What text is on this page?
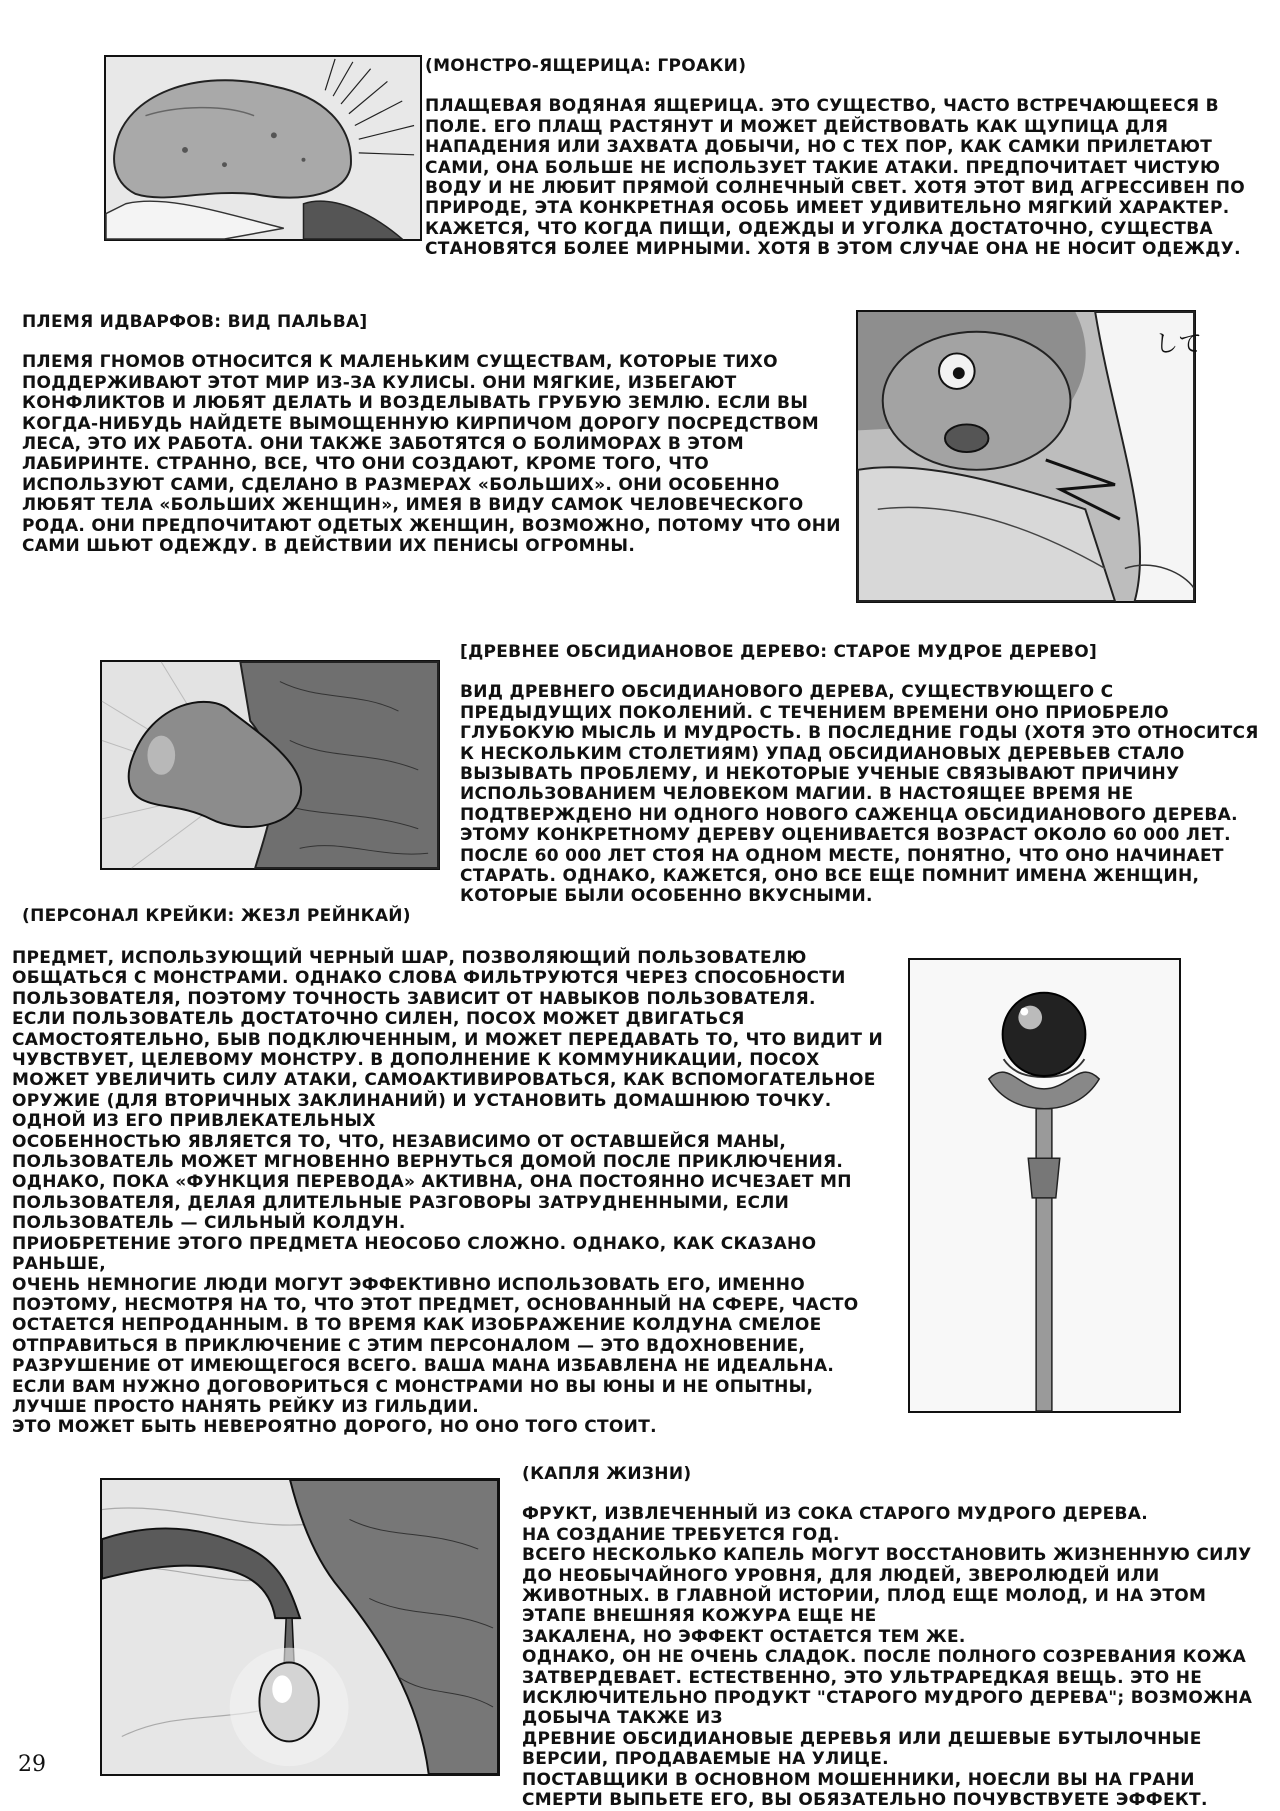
(МОНСТРО-ЯЩЕРИЦА: ГРОАКИ)

ПЛАЩЕВАЯ ВОДЯНАЯ ЯЩЕРИЦА. ЭТО СУЩЕСТВО, ЧАСТО ВСТРЕЧАЮЩЕЕСЯ В ПОЛЕ. ЕГО ПЛАЩ РАСТЯНУТ И МОЖЕТ ДЕЙСТВОВАТЬ КАК ЩУПИЦА ДЛЯ НАПАДЕНИЯ ИЛИ ЗАХВАТА ДОБЫЧИ, НО С ТЕХ ПОР, КАК САМКИ ПРИЛЕТАЮТ САМИ, ОНА БОЛЬШЕ НЕ ИСПОЛЬЗУЕТ ТАКИЕ АТАКИ. ПРЕДПОЧИТАЕТ ЧИСТУЮ ВОДУ И НЕ ЛЮБИТ ПРЯМОЙ СОЛНЕЧНЫЙ СВЕТ. ХОТЯ ЭТОТ ВИД АГРЕССИВЕН ПО ПРИРОДЕ, ЭТА КОНКРЕТНАЯ ОСОБЬ ИМЕЕТ УДИВИТЕЛЬНО МЯГКИЙ ХАРАКТЕР. КАЖЕТСЯ, ЧТО КОГДА ПИЩИ, ОДЕЖДЫ И УГОЛКА ДОСТАТОЧНО, СУЩЕСТВА СТАНОВЯТСЯ БОЛЕЕ МИРНЫМИ. ХОТЯ В ЭТОМ СЛУЧАЕ ОНА НЕ НОСИТ ОДЕЖДУ.

ПЛЕМЯ ИДВАРФОВ: ВИД ПАЛЬВА]

ПЛЕМЯ ГНОМОВ ОТНОСИТСЯ К МАЛЕНЬКИМ СУЩЕСТВАМ, КОТОРЫЕ ТИХО ПОДДЕРЖИВАЮТ ЭТОТ МИР ИЗ-ЗА КУЛИСЫ. ОНИ МЯГКИЕ, ИЗБЕГАЮТ КОНФЛИКТОВ И ЛЮБЯТ ДЕЛАТЬ И ВОЗДЕЛЫВАТЬ ГРУБУЮ ЗЕМЛЮ. ЕСЛИ ВЫ КОГДА-НИБУДЬ НАЙДЕТЕ ВЫМОЩЕННУЮ КИРПИЧОМ ДОРОГУ ПОСРЕДСТВОМ ЛЕСА, ЭТО ИХ РАБОТА. ОНИ ТАКЖЕ ЗАБОТЯТСЯ О БОЛИМОРАХ В ЭТОМ ЛАБИРИНТЕ. СТРАННО, ВСЕ, ЧТО ОНИ СОЗДАЮТ, КРОМЕ ТОГО, ЧТО ИСПОЛЬЗУЮТ САМИ, СДЕЛАНО В РАЗМЕРАХ «БОЛЬШИХ». ОНИ ОСОБЕННО ЛЮБЯТ ТЕЛА «БОЛЬШИХ ЖЕНЩИН», ИМЕЯ В ВИДУ САМОК ЧЕЛОВЕЧЕСКОГО РОДА. ОНИ ПРЕДПОЧИТАЮТ ОДЕТЫХ ЖЕНЩИН, ВОЗМОЖНО, ПОТОМУ ЧТО ОНИ САМИ ШЬЮТ ОДЕЖДУ. В ДЕЙСТВИИ ИХ ПЕНИСЫ ОГРОМНЫ.

して
[ДРЕВНЕЕ ОБСИДИАНОВОЕ ДЕРЕВО: СТАРОЕ МУДРОЕ ДЕРЕВО]

ВИД ДРЕВНЕГО ОБСИДИАНОВОГО ДЕРЕВА, СУЩЕСТВУЮЩЕГО С ПРЕДЫДУЩИХ ПОКОЛЕНИЙ. С ТЕЧЕНИЕМ ВРЕМЕНИ ОНО ПРИОБРЕЛО ГЛУБОКУЮ МЫСЛЬ И МУДРОСТЬ. В ПОСЛЕДНИЕ ГОДЫ (ХОТЯ ЭТО ОТНОСИТСЯ К НЕСКОЛЬКИМ СТОЛЕТИЯМ) УПАД ОБСИДИАНОВЫХ ДЕРЕВЬЕВ СТАЛО ВЫЗЫВАТЬ ПРОБЛЕМУ, И НЕКОТОРЫЕ УЧЕНЫЕ СВЯЗЫВАЮТ ПРИЧИНУ ИСПОЛЬЗОВАНИЕМ ЧЕЛОВЕКОМ МАГИИ. В НАСТОЯЩЕЕ ВРЕМЯ НЕ ПОДТВЕРЖДЕНО НИ ОДНОГО НОВОГО САЖЕНЦА ОБСИДИАНОВОГО ДЕРЕВА. ЭТОМУ КОНКРЕТНОМУ ДЕРЕВУ ОЦЕНИВАЕТСЯ ВОЗРАСТ ОКОЛО 60 000 ЛЕТ. ПОСЛЕ 60 000 ЛЕТ СТОЯ НА ОДНОМ МЕСТЕ, ПОНЯТНО, ЧТО ОНО НАЧИНАЕТ СТАРАТЬ. ОДНАКО, КАЖЕТСЯ, ОНО ВСЕ ЕЩЕ ПОМНИТ ИМЕНА ЖЕНЩИН, КОТОРЫЕ БЫЛИ ОСОБЕННО ВКУСНЫМИ.

(ПЕРСОНАЛ КРЕЙКИ: ЖЕЗЛ РЕЙНКАЙ)

ПРЕДМЕТ, ИСПОЛЬЗУЮЩИЙ ЧЕРНЫЙ ШАР, ПОЗВОЛЯЮЩИЙ ПОЛЬЗОВАТЕЛЮ ОБЩАТЬСЯ С МОНСТРАМИ. ОДНАКО СЛОВА ФИЛЬТРУЮТСЯ ЧЕРЕЗ СПОСОБНОСТИ ПОЛЬЗОВАТЕЛЯ, ПОЭТОМУ ТОЧНОСТЬ ЗАВИСИТ ОТ НАВЫКОВ ПОЛЬЗОВАТЕЛЯ.
ЕСЛИ ПОЛЬЗОВАТЕЛЬ ДОСТАТОЧНО СИЛЕН, ПОСОХ МОЖЕТ ДВИГАТЬСЯ САМОСТОЯТЕЛЬНО, БЫВ ПОДКЛЮЧЕННЫМ, И МОЖЕТ ПЕРЕДАВАТЬ ТО, ЧТО ВИДИТ И ЧУВСТВУЕТ, ЦЕЛЕВОМУ МОНСТРУ. В ДОПОЛНЕНИЕ К КОММУНИКАЦИИ, ПОСОХ МОЖЕТ УВЕЛИЧИТЬ СИЛУ АТАКИ, САМОАКТИВИРОВАТЬСЯ, КАК ВСПОМОГАТЕЛЬНОЕ ОРУЖИЕ (ДЛЯ ВТОРИЧНЫХ ЗАКЛИНАНИЙ) И УСТАНОВИТЬ ДОМАШНЮЮ ТОЧКУ.
ОДНОЙ ИЗ ЕГО ПРИВЛЕКАТЕЛЬНЫХ
ОСОБЕННОСТЬЮ ЯВЛЯЕТСЯ ТО, ЧТО, НЕЗАВИСИМО ОТ ОСТАВШЕЙСЯ МАНЫ, ПОЛЬЗОВАТЕЛЬ МОЖЕТ МГНОВЕННО ВЕРНУТЬСЯ ДОМОЙ ПОСЛЕ ПРИКЛЮЧЕНИЯ.
ОДНАКО, ПОКА «ФУНКЦИЯ ПЕРЕВОДА» АКТИВНА, ОНА ПОСТОЯННО ИСЧЕЗАЕТ МП ПОЛЬЗОВАТЕЛЯ, ДЕЛАЯ ДЛИТЕЛЬНЫЕ РАЗГОВОРЫ ЗАТРУДНЕННЫМИ, ЕСЛИ ПОЛЬЗОВАТЕЛЬ — СИЛЬНЫЙ КОЛДУН.
ПРИОБРЕТЕНИЕ ЭТОГО ПРЕДМЕТА НЕОСОБО СЛОЖНО. ОДНАКО, КАК СКАЗАНО РАНЬШЕ,
ОЧЕНЬ НЕМНОГИЕ ЛЮДИ МОГУТ ЭФФЕКТИВНО ИСПОЛЬЗОВАТЬ ЕГО, ИМЕННО ПОЭТОМУ, НЕСМОТРЯ НА ТО, ЧТО ЭТОТ ПРЕДМЕТ, ОСНОВАННЫЙ НА СФЕРЕ, ЧАСТО ОСТАЕТСЯ НЕПРОДАННЫМ. В ТО ВРЕМЯ КАК ИЗОБРАЖЕНИЕ КОЛДУНА СМЕЛОЕ ОТПРАВИТЬСЯ В ПРИКЛЮЧЕНИЕ С ЭТИМ ПЕРСОНАЛОМ — ЭТО ВДОХНОВЕНИЕ, РАЗРУШЕНИЕ ОТ ИМЕЮЩЕГОСЯ ВСЕГО. ВАША МАНА ИЗБАВЛЕНА НЕ ИДЕАЛЬНА. ЕСЛИ ВАМ НУЖНО ДОГОВОРИТЬСЯ С МОНСТРАМИ НО ВЫ ЮНЫ И НЕ ОПЫТНЫ, ЛУЧШЕ ПРОСТО НАНЯТЬ РЕЙКУ ИЗ ГИЛЬДИИ.
ЭТО МОЖЕТ БЫТЬ НЕВЕРОЯТНО ДОРОГО, НО ОНО ТОГО СТОИТ.

(КАПЛЯ ЖИЗНИ)

ФРУКТ, ИЗВЛЕЧЕННЫЙ ИЗ СОКА СТАРОГО МУДРОГО ДЕРЕВА.
НА СОЗДАНИЕ ТРЕБУЕТСЯ ГОД.
ВСЕГО НЕСКОЛЬКО КАПЕЛЬ МОГУТ ВОССТАНОВИТЬ ЖИЗНЕННУЮ СИЛУ ДО НЕОБЫЧАЙНОГО УРОВНЯ, ДЛЯ ЛЮДЕЙ, ЗВЕРОЛЮДЕЙ ИЛИ ЖИВОТНЫХ. В ГЛАВНОЙ ИСТОРИИ, ПЛОД ЕЩЕ МОЛОД, И НА ЭТОМ ЭТАПЕ ВНЕШНЯЯ КОЖУРА ЕЩЕ НЕ
ЗАКАЛЕНА, НО ЭФФЕКТ ОСТАЕТСЯ ТЕМ ЖЕ.
ОДНАКО, ОН НЕ ОЧЕНЬ СЛАДОК. ПОСЛЕ ПОЛНОГО СОЗРЕВАНИЯ КОЖА ЗАТВЕРДЕВАЕТ. ЕСТЕСТВЕННО, ЭТО УЛЬТРАРЕДКАЯ ВЕЩЬ. ЭТО НЕ ИСКЛЮЧИТЕЛЬНО ПРОДУКТ "СТАРОГО МУДРОГО ДЕРЕВА"; ВОЗМОЖНА ДОБЫЧА ТАКЖЕ ИЗ
ДРЕВНИЕ ОБСИДИАНОВЫЕ ДЕРЕВЬЯ ИЛИ ДЕШЕВЫЕ БУТЫЛОЧНЫЕ ВЕРСИИ, ПРОДАВАЕМЫЕ НА УЛИЦЕ.
ПОСТАВЩИКИ В ОСНОВНОМ МОШЕННИКИ, НОЕСЛИ ВЫ НА ГРАНИ СМЕРТИ ВЫПЬЕТЕ ЕГО, ВЫ ОБЯЗАТЕЛЬНО ПОЧУВСТВУЕТЕ ЭФФЕКТ.

29
